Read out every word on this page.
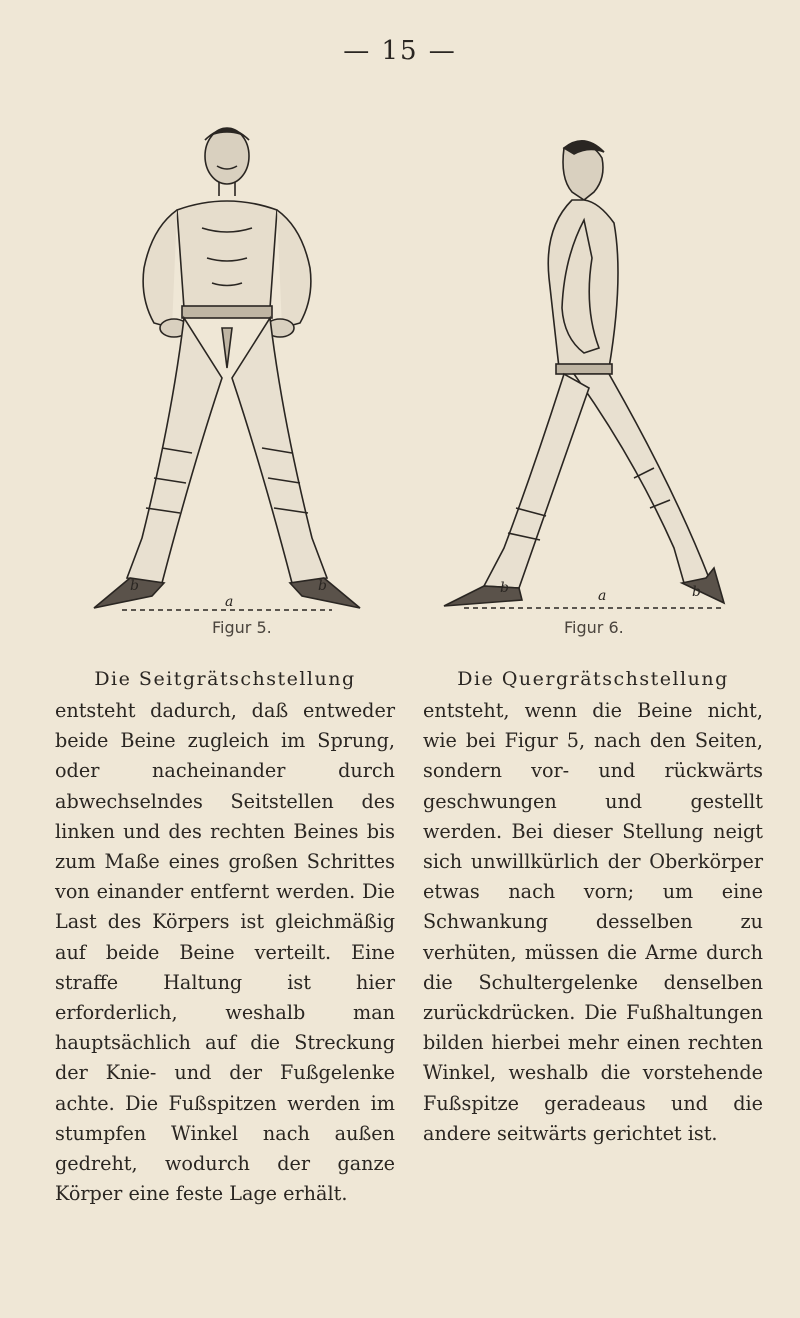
— 15 —
b
a
b	b	a	b
Figur 5.	Figur 6.
Die Seitgrätschstellung
entsteht dadurch, daß entweder beide Beine zugleich im Sprung, oder nacheinander durch abwechselndes Seitstellen des linken und des rechten Beines bis zum Maße eines großen Schrittes von einander entfernt werden. Die Last des Körpers ist gleichmäßig auf beide Beine verteilt. Eine straffe Haltung ist hier erforderlich, weshalb man hauptsächlich auf die Streckung der Knie- und der Fußgelenke achte. Die Fußspitzen werden im stumpfen Winkel nach außen gedreht, wodurch der ganze Körper eine feste Lage erhält.
Die Quergrätschstellung
entsteht, wenn die Beine nicht, wie bei Figur 5, nach den Seiten, sondern vor- und rückwärts geschwungen und gestellt werden. Bei dieser Stellung neigt sich unwillkürlich der Oberkörper etwas nach vorn; um eine Schwankung desselben zu verhüten, müssen die Arme durch die Schultergelenke denselben zurückdrücken. Die Fußhaltungen bilden hierbei mehr einen rechten Winkel, weshalb die vorstehende Fußspitze geradeaus und die andere seitwärts gerichtet ist.
